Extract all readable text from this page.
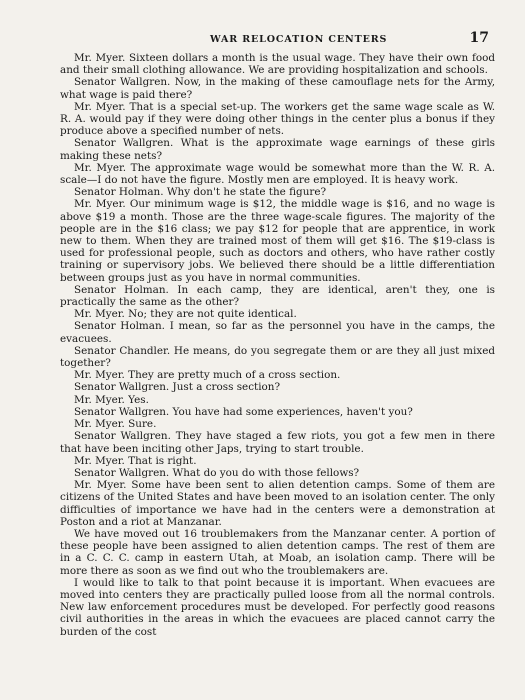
WAR RELOCATION CENTERS	17

Mr. Myer. Sixteen dollars a month is the usual wage. They have their own food and their small clothing allowance. We are providing hospitalization and schools.

Senator Wallgren. Now, in the making of these camouflage nets for the Army, what wage is paid there?

Mr. Myer. That is a special set-up. The workers get the same wage scale as W. R. A. would pay if they were doing other things in the center plus a bonus if they produce above a specified number of nets.

Senator Wallgren. What is the approximate wage earnings of these girls making these nets?

Mr. Myer. The approximate wage would be somewhat more than the W. R. A. scale—I do not have the figure. Mostly men are employed. It is heavy work.

Senator Holman. Why don't he state the figure?

Mr. Myer. Our minimum wage is $12, the middle wage is $16, and no wage is above $19 a month. Those are the three wage-scale figures. The majority of the people are in the $16 class; we pay $12 for people that are apprentice, in work new to them. When they are trained most of them will get $16. The $19-class is used for professional people, such as doctors and others, who have rather costly training or supervisory jobs. We believed there should be a little differentiation between groups just as you have in normal communities.

Senator Holman. In each camp, they are identical, aren't they, one is practically the same as the other?

Mr. Myer. No; they are not quite identical.

Senator Holman. I mean, so far as the personnel you have in the camps, the evacuees.

Senator Chandler. He means, do you segregate them or are they all just mixed together?

Mr. Myer. They are pretty much of a cross section.

Senator Wallgren. Just a cross section?

Mr. Myer. Yes.

Senator Wallgren. You have had some experiences, haven't you?

Mr. Myer. Sure.

Senator Wallgren. They have staged a few riots, you got a few men in there that have been inciting other Japs, trying to start trouble.

Mr. Myer. That is right.

Senator Wallgren. What do you do with those fellows?

Mr. Myer. Some have been sent to alien detention camps. Some of them are citizens of the United States and have been moved to an isolation center. The only difficulties of importance we have had in the centers were a demonstration at Poston and a riot at Manzanar.

We have moved out 16 troublemakers from the Manzanar center. A portion of these people have been assigned to alien detention camps. The rest of them are in a C. C. C. camp in eastern Utah, at Moab, an isolation camp. There will be more there as soon as we find out who the troublemakers are.

I would like to talk to that point because it is important. When evacuees are moved into centers they are practically pulled loose from all the normal controls. New law enforcement procedures must be developed. For perfectly good reasons civil authorities in the areas in which the evacuees are placed cannot carry the burden of the cost
